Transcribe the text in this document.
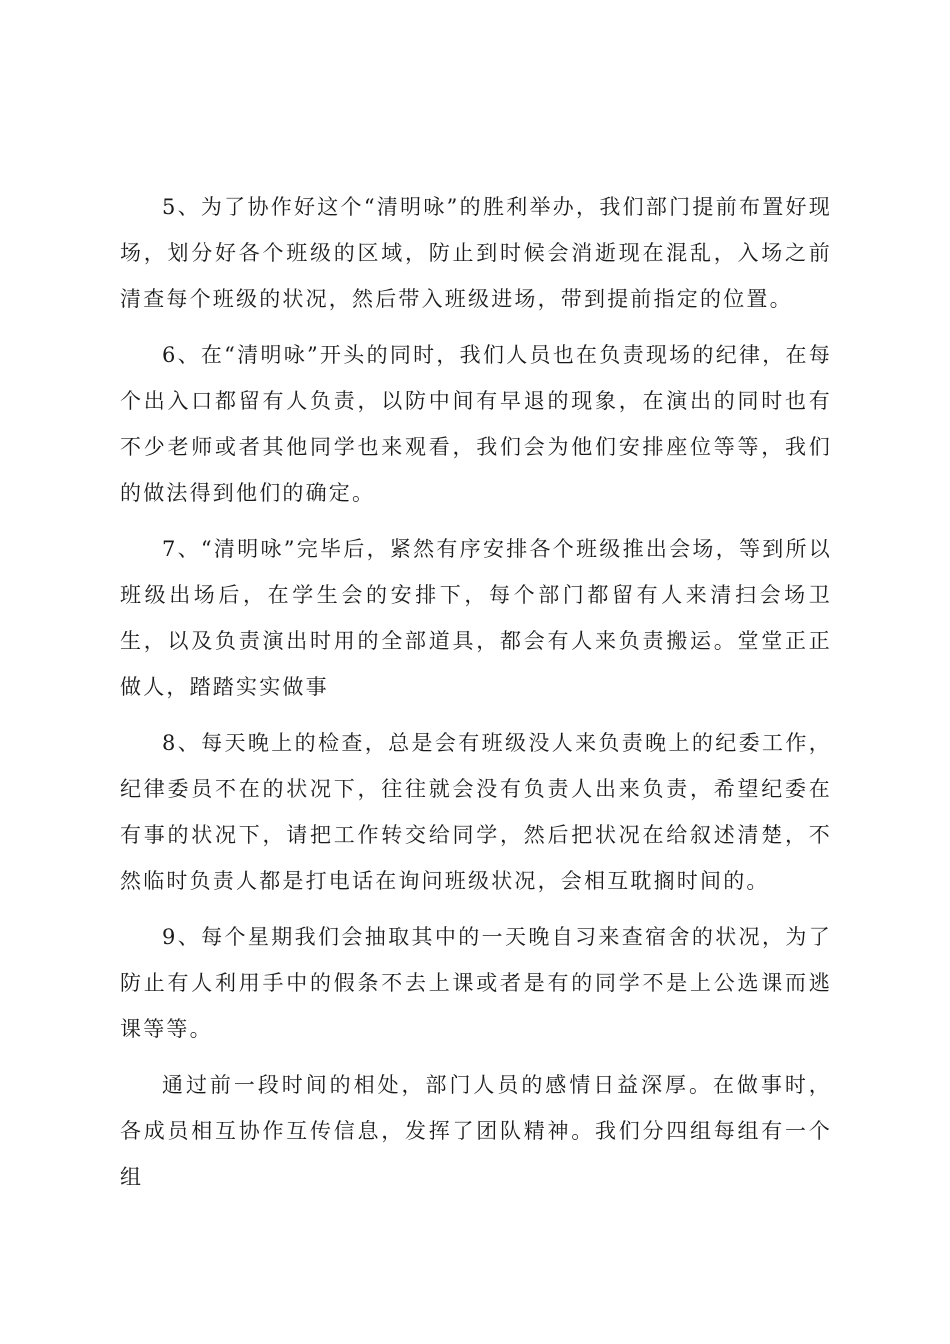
5、为了协作好这个“清明咏”的胜利举办，我们部门提前布置好现场，划分好各个班级的区域，防止到时候会消逝现在混乱，入场之前清查每个班级的状况，然后带入班级进场，带到提前指定的位置。

6、在“清明咏”开头的同时，我们人员也在负责现场的纪律，在每个出入口都留有人负责，以防中间有早退的现象，在演出的同时也有不少老师或者其他同学也来观看，我们会为他们安排座位等等，我们的做法得到他们的确定。

7、“清明咏”完毕后，紧然有序安排各个班级推出会场，等到所以班级出场后，在学生会的安排下，每个部门都留有人来清扫会场卫生，以及负责演出时用的全部道具，都会有人来负责搬运。堂堂正正做人，踏踏实实做事

8、每天晚上的检查，总是会有班级没人来负责晚上的纪委工作，纪律委员不在的状况下，往往就会没有负责人出来负责，希望纪委在有事的状况下，请把工作转交给同学，然后把状况在给叙述清楚，不然临时负责人都是打电话在询问班级状况，会相互耽搁时间的。

9、每个星期我们会抽取其中的一天晚自习来查宿舍的状况，为了防止有人利用手中的假条不去上课或者是有的同学不是上公选课而逃课等等。

通过前一段时间的相处，部门人员的感情日益深厚。在做事时，各成员相互协作互传信息，发挥了团队精神。我们分四组每组有一个组
